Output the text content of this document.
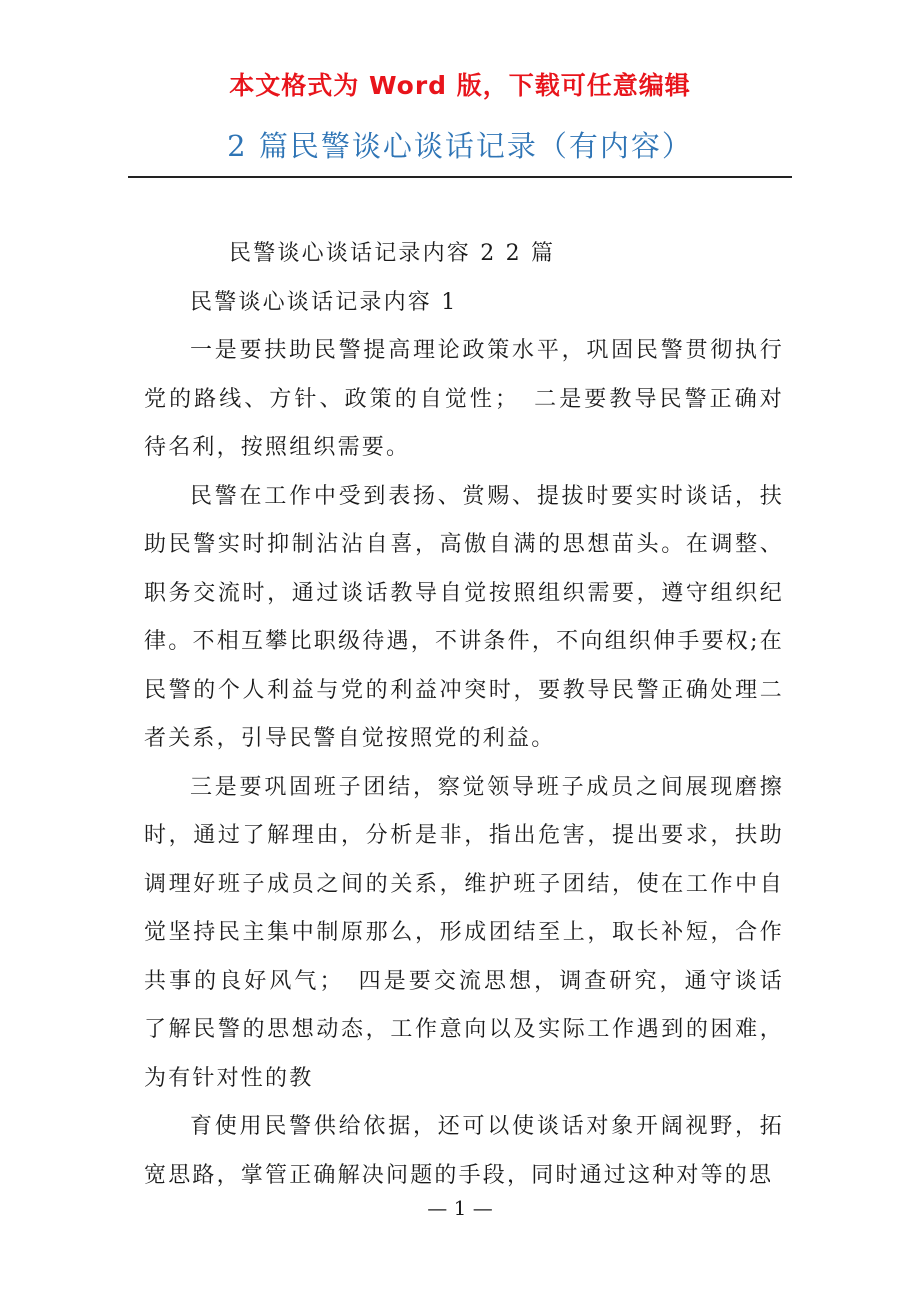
本文格式为 Word 版，下载可任意编辑
2 篇民警谈心谈话记录（有内容）

民警谈心谈话记录内容 2 2 篇

民警谈心谈话记录内容 1

一是要扶助民警提高理论政策水平，巩固民警贯彻执行党的路线、方针、政策的自觉性；　二是要教导民警正确对待名利，按照组织需要。

民警在工作中受到表扬、赏赐、提拔时要实时谈话，扶助民警实时抑制沾沾自喜，高傲自满的思想苗头。在调整、职务交流时，通过谈话教导自觉按照组织需要，遵守组织纪律。不相互攀比职级待遇，不讲条件，不向组织伸手要权;在民警的个人利益与党的利益冲突时，要教导民警正确处理二者关系，引导民警自觉按照党的利益。

三是要巩固班子团结，察觉领导班子成员之间展现磨擦时，通过了解理由，分析是非，指出危害，提出要求，扶助调理好班子成员之间的关系，维护班子团结，使在工作中自觉坚持民主集中制原那么，形成团结至上，取长补短，合作共事的良好风气；　四是要交流思想，调查研究，通守谈话了解民警的思想动态，工作意向以及实际工作遇到的困难，为有针对性的教

育使用民警供给依据，还可以使谈话对象开阔视野，拓宽思路，掌管正确解决问题的手段，同时通过这种对等的思

— 1 —
